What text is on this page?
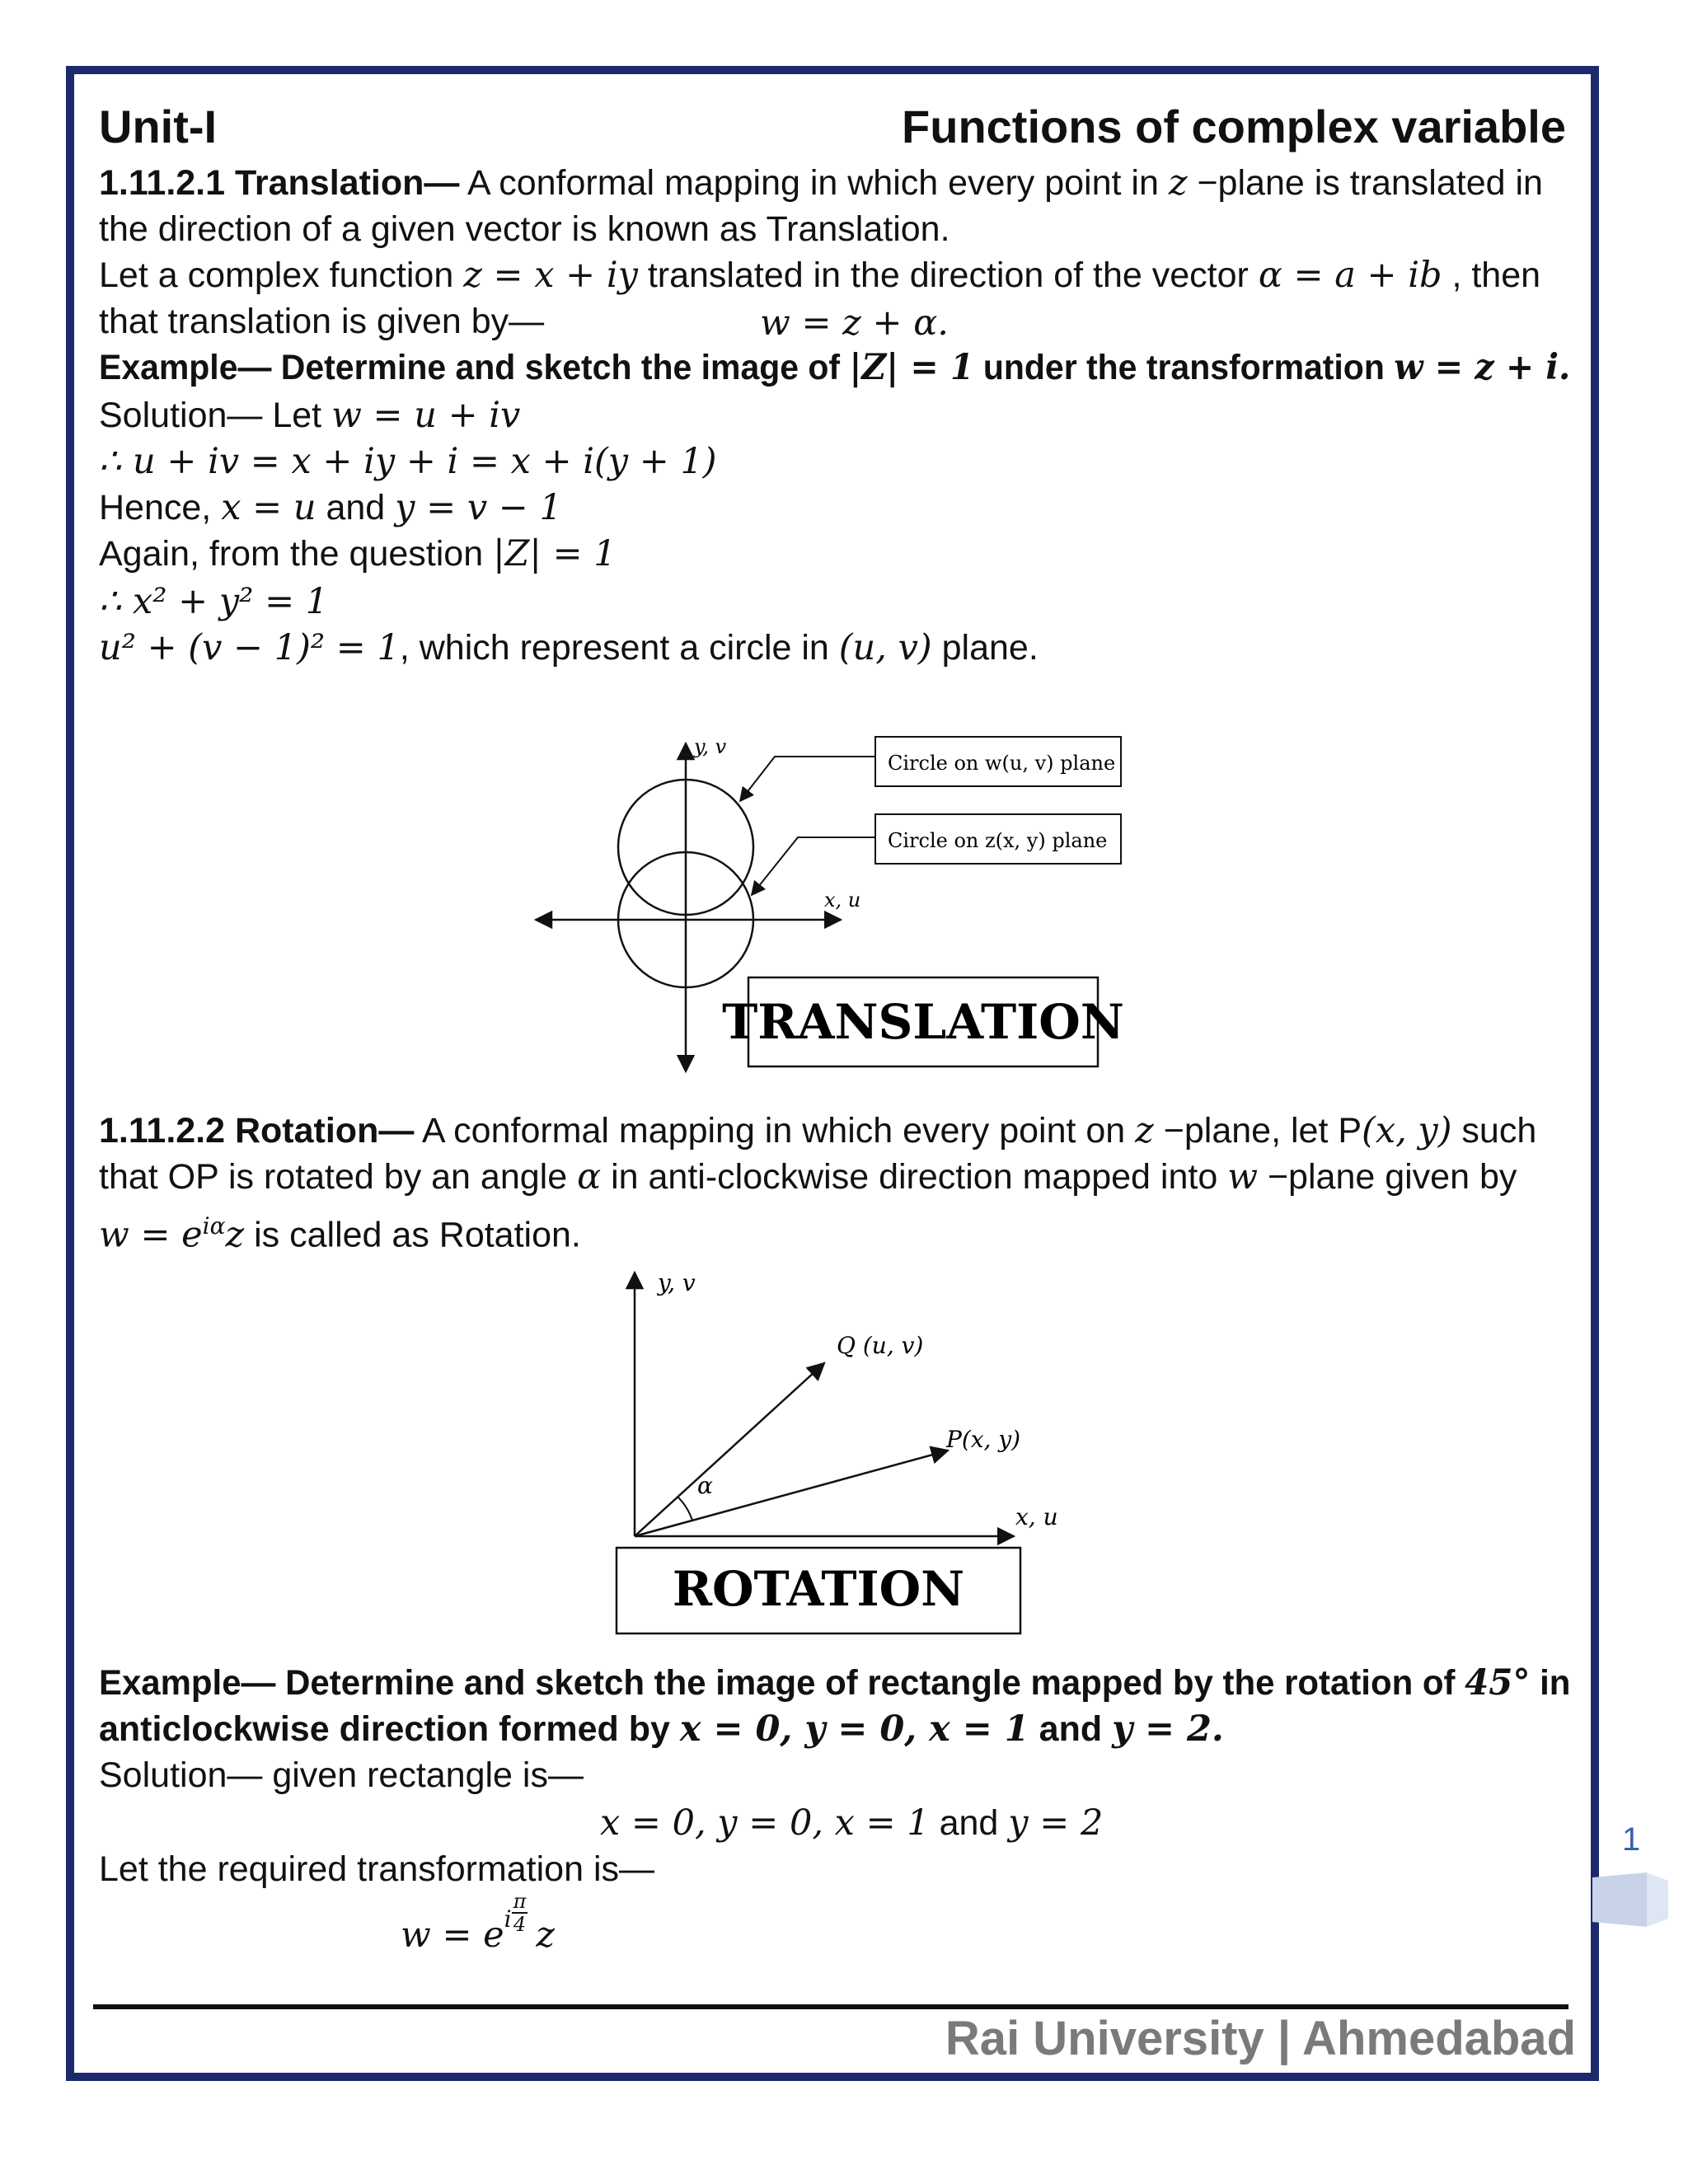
Unit-I	Functions of complex variable
1.11.2.1 Translation— A conformal mapping in which every point in z −plane is translated in
the direction of a given vector is known as Translation.
Let a complex function z = x + iy translated in the direction of the vector α = a + ib , then
that translation is given by—	w = z + α.
Example— Determine and sketch the image of |Z| = 1 under the transformation w = z + i.
Solution— Let w = u + iv
∴ u + iv = x + iy + i = x + i(y + 1)
Hence, x = u and y = v − 1
Again, from the question |Z| = 1
∴ x² + y² = 1
u² + (v − 1)² = 1, which represent a circle in (u, v) plane.
y, v
x, u
Circle on w(u, v) plane
Circle on z(x, y) plane
TRANSLATION
1.11.2.2 Rotation— A conformal mapping in which every point on z −plane, let P(x, y) such
that OP is rotated by an angle α in anti-clockwise direction mapped into w −plane given by
$w = e^{i\alpha}z$ is called as Rotation.
y, v
x, u
Q (u, v)
P(x, y)
α
ROTATION
Example— Determine and sketch the image of rectangle mapped by the rotation of 45° in
anticlockwise direction formed by x = 0, y = 0, x = 1 and y = 2.
Solution— given rectangle is—
x = 0, y = 0, x = 1 and y = 2
Let the required transformation is—
w = ei $\frac{\pi}{4}$ z
1
Rai University | Ahmedabad
